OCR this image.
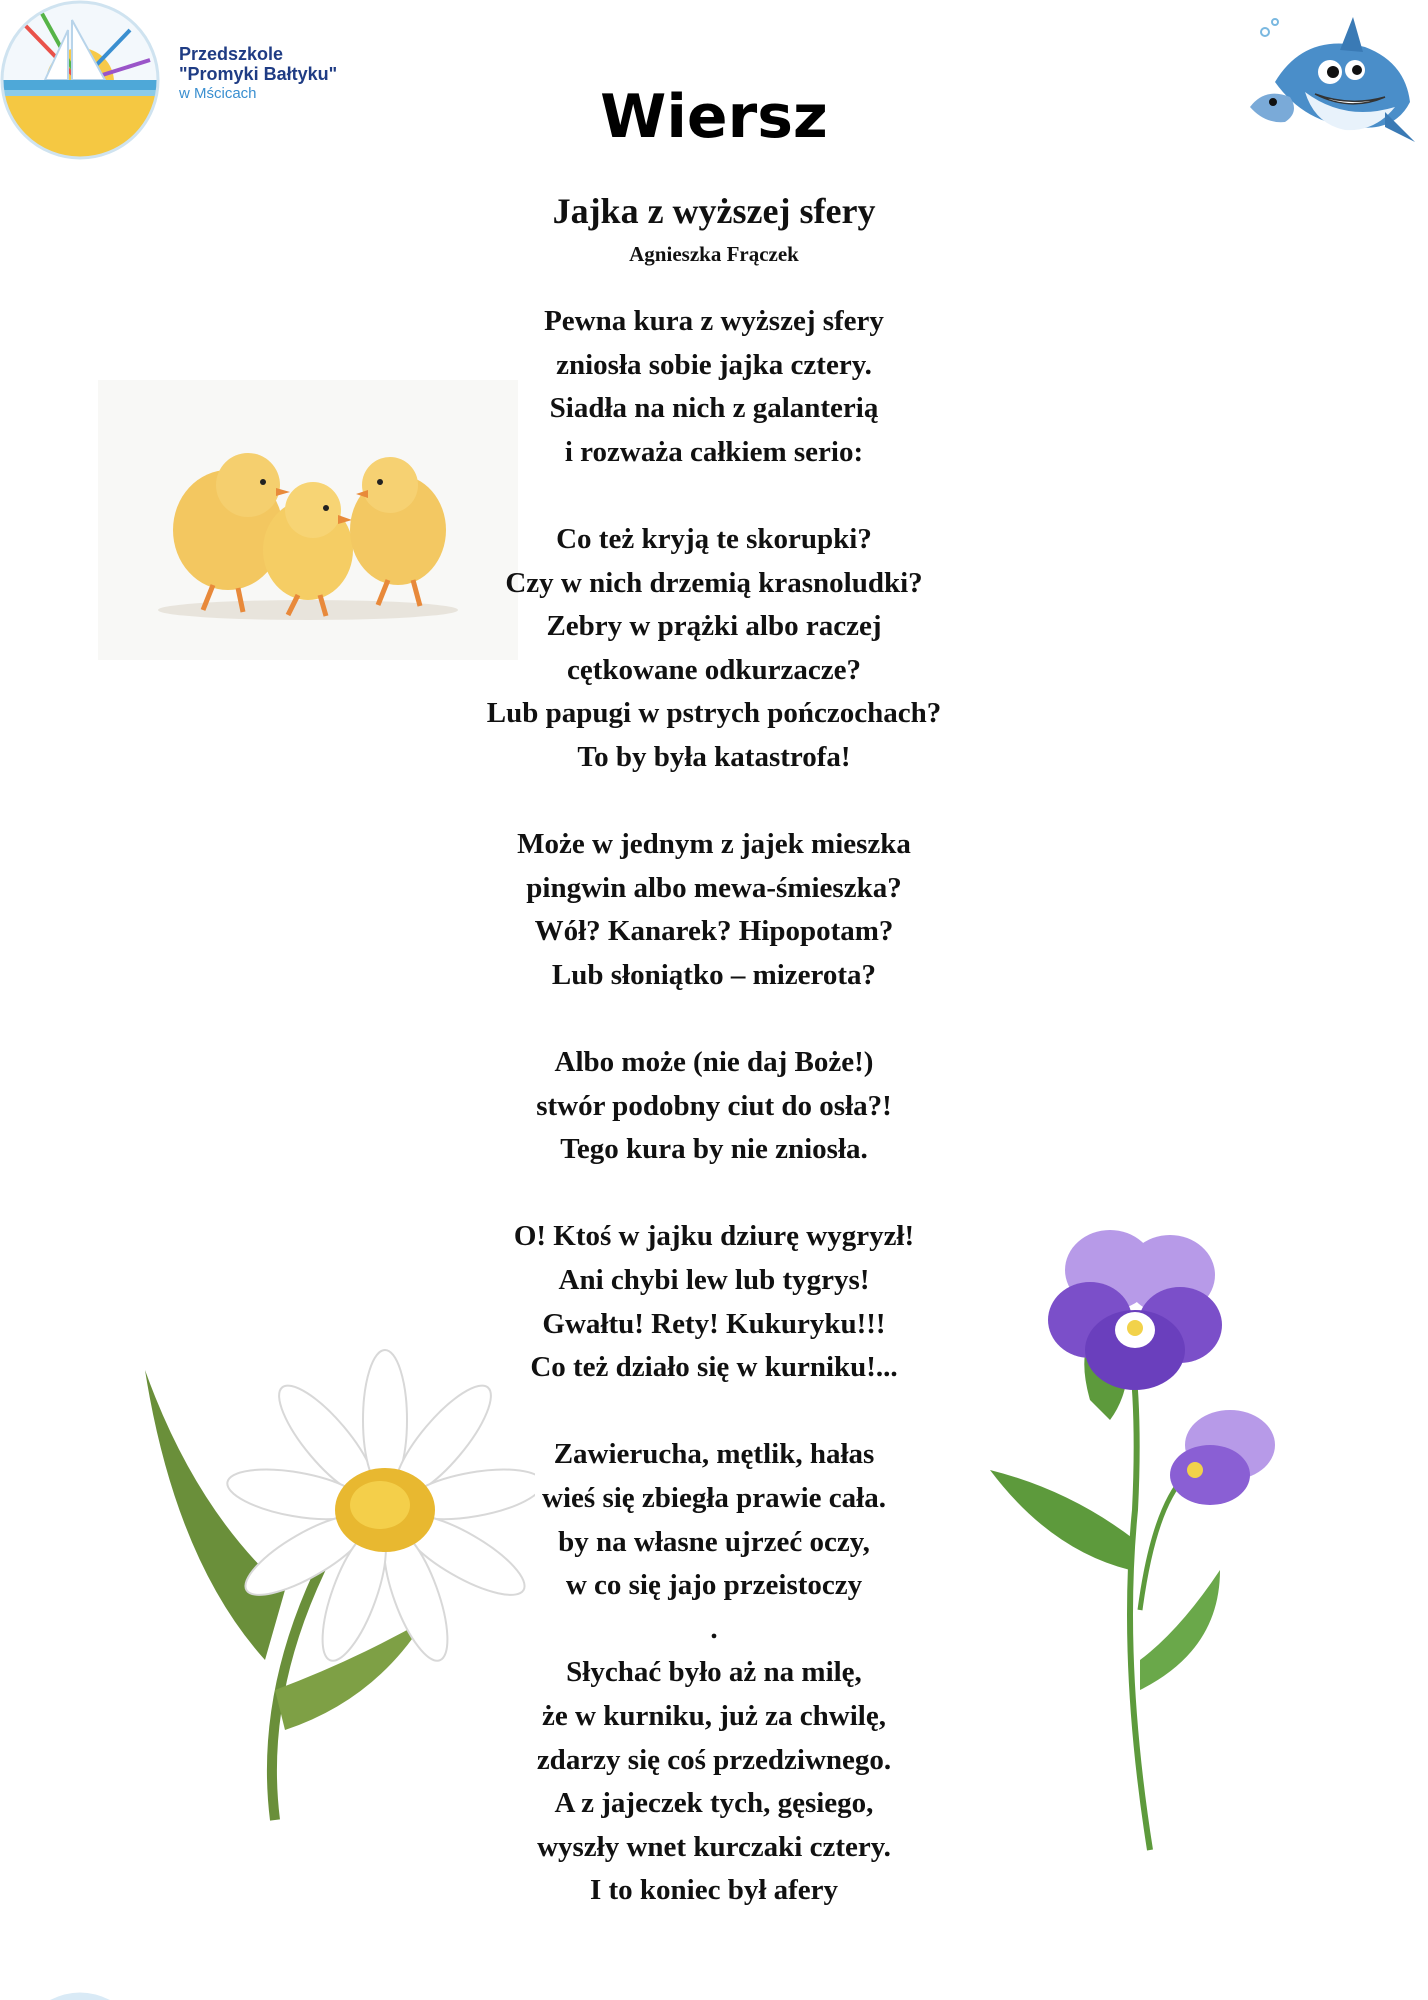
Przedszkole
"Promyki Bałtyku"
w Mścicach	Wiersz
Jajka z wyższej sfery
Agnieszka Frączek
Pewna kura z wyższej sfery
zniosła sobie jajka cztery.
Siadła na nich z galanterią
i rozważa całkiem serio:
Co też kryją te skorupki?
Czy w nich drzemią krasnoludki?
Zebry w prążki albo raczej
cętkowane odkurzacze?
Lub papugi w pstrych pończochach?
To by była katastrofa!
Może w jednym z jajek mieszka
pingwin albo mewa-śmieszka?
Wół? Kanarek? Hipopotam?
Lub słoniątko – mizerota?
Albo może (nie daj Boże!)
stwór podobny ciut do osła?!
Tego kura by nie zniosła.
O! Ktoś w jajku dziurę wygryzł!
Ani chybi lew lub tygrys!
Gwałtu! Rety! Kukuryku!!!
Co też działo się w kurniku!...
Zawierucha, mętlik, hałas
wieś się zbiegła prawie cała.
by na własne ujrzeć oczy,
w co się jajo przeistoczy
.
Słychać było aż na milę,
że w kurniku, już za chwilę,
zdarzy się coś przedziwnego.
A z jajeczek tych, gęsiego,
wyszły wnet kurczaki cztery.
I to koniec był afery
